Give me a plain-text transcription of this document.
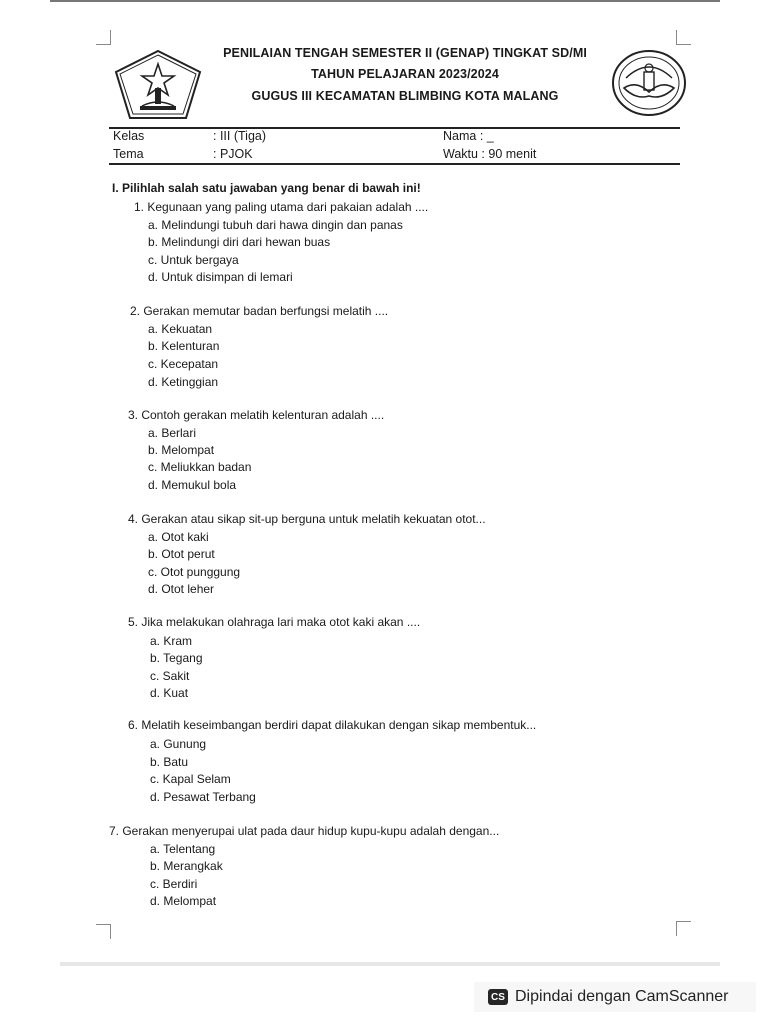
PENILAIAN TENGAH SEMESTER II (GENAP) TINGKAT SD/MI
TAHUN PELAJARAN 2023/2024
GUGUS III KECAMATAN BLIMBING KOTA MALANG
Kelas	: III (Tiga)	Nama : _
Tema	: PJOK	Waktu : 90 menit
I. Pilihlah salah satu jawaban yang benar di bawah ini!
1. Kegunaan yang paling utama dari pakaian adalah ....
a. Melindungi tubuh dari hawa dingin dan panas
b. Melindungi diri dari hewan buas
c. Untuk bergaya
d. Untuk disimpan di lemari
2. Gerakan memutar badan berfungsi melatih ....
a. Kekuatan
b. Kelenturan
c. Kecepatan
d. Ketinggian
3. Contoh gerakan melatih kelenturan adalah ....
a. Berlari
b. Melompat
c. Meliukkan badan
d. Memukul bola
4. Gerakan atau sikap sit-up berguna untuk melatih kekuatan otot...
a. Otot kaki
b. Otot perut
c. Otot punggung
d. Otot leher
5. Jika melakukan olahraga lari maka otot kaki akan ....
a. Kram
b. Tegang
c. Sakit
d. Kuat
6. Melatih keseimbangan berdiri dapat dilakukan dengan sikap membentuk...
a. Gunung
b. Batu
c. Kapal Selam
d. Pesawat Terbang
7. Gerakan menyerupai ulat pada daur hidup kupu-kupu adalah dengan...
a. Telentang
b. Merangkak
c. Berdiri
d. Melompat
CS Dipindai dengan CamScanner
